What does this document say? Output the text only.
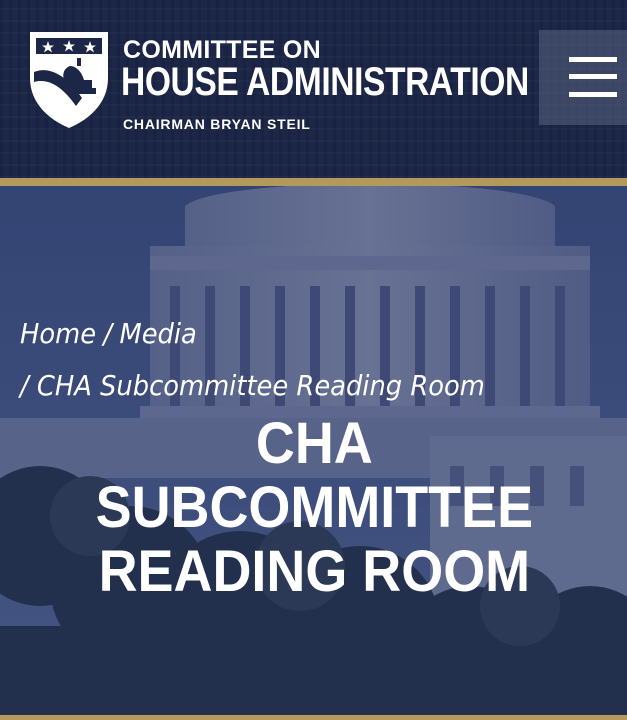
COMMITTEE ON
HOUSE ADMINISTRATION
CHAIRMAN BRYAN STEIL
Home / Media
/ CHA Subcommittee Reading Room
CHA
SUBCOMMITTEE
READING ROOM
